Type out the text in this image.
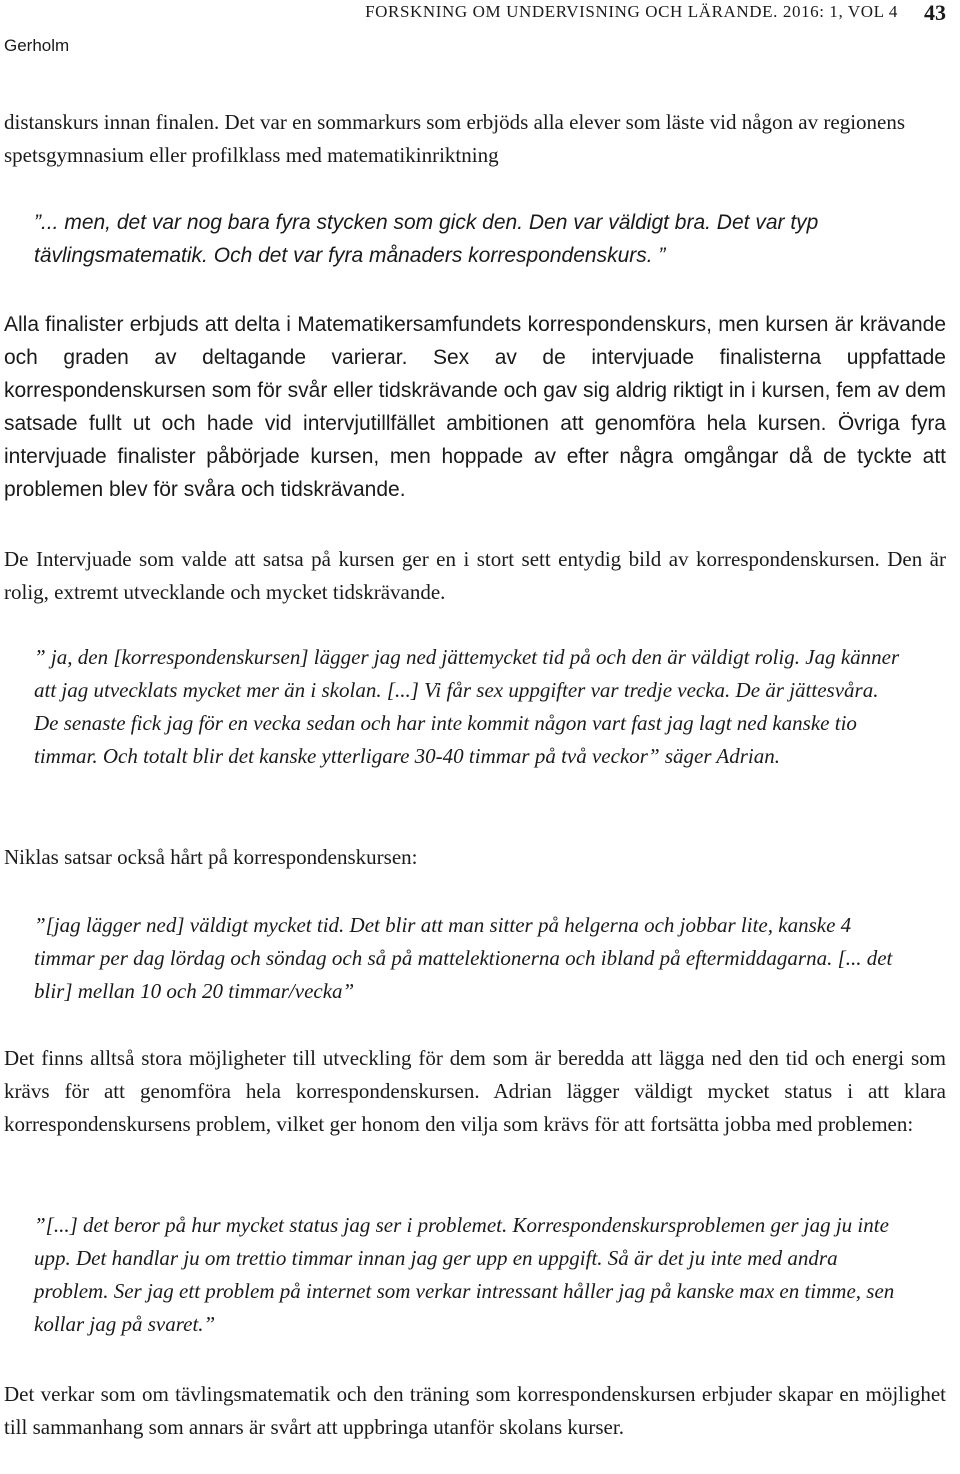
FORSKNING OM UNDERVISNING OCH LÄRANDE. 2016: 1, VOL 4 43
Gerholm

distanskurs innan finalen. Det var en sommarkurs som erbjöds alla elever som läste vid någon av regionens spetsgymnasium eller profilklass med matematikinriktning

”... men, det var nog bara fyra stycken som gick den. Den var väldigt bra. Det var typ tävlingsmatematik. Och det var fyra månaders korrespondenskurs. ”

Alla finalister erbjuds att delta i Matematikersamfundets korrespondenskurs, men kursen är krävande och graden av deltagande varierar. Sex av de intervjuade finalisterna uppfattade korrespondenskursen som för svår eller tidskrävande och gav sig aldrig riktigt in i kursen, fem av dem satsade fullt ut och hade vid intervjutillfället ambitionen att genomföra hela kursen. Övriga fyra intervjuade finalister påbörjade kursen, men hoppade av efter några omgångar då de tyckte att problemen blev för svåra och tidskrävande.

De Intervjuade som valde att satsa på kursen ger en i stort sett entydig bild av korrespondenskursen. Den är rolig, extremt utvecklande och mycket tidskrävande.

” ja, den [korrespondenskursen] lägger jag ned jättemycket tid på och den är väldigt rolig. Jag känner att jag utvecklats mycket mer än i skolan. [...] Vi får sex uppgifter var tredje vecka. De är jättesvåra. De senaste fick jag för en vecka sedan och har inte kommit någon vart fast jag lagt ned kanske tio timmar. Och totalt blir det kanske ytterligare 30-40 timmar på två veckor” säger Adrian.

Niklas satsar också hårt på korrespondenskursen:

”[jag lägger ned] väldigt mycket tid. Det blir att man sitter på helgerna och jobbar lite, kanske 4 timmar per dag lördag och söndag och så på mattelektionerna och ibland på eftermiddagarna. [... det blir] mellan 10 och 20 timmar/vecka”

Det finns alltså stora möjligheter till utveckling för dem som är beredda att lägga ned den tid och energi som krävs för att genomföra hela korrespondenskursen. Adrian lägger väldigt mycket status i att klara korrespondenskursens problem, vilket ger honom den vilja som krävs för att fortsätta jobba med problemen:

”[...] det beror på hur mycket status jag ser i problemet. Korrespondenskursproblemen ger jag ju inte upp. Det handlar ju om trettio timmar innan jag ger upp en uppgift. Så är det ju inte med andra problem. Ser jag ett problem på internet som verkar intressant håller jag på kanske max en timme, sen kollar jag på svaret.”

Det verkar som om tävlingsmatematik och den träning som korrespondenskursen erbjuder skapar en möjlighet till sammanhang som annars är svårt att uppbringa utanför skolans kurser.
